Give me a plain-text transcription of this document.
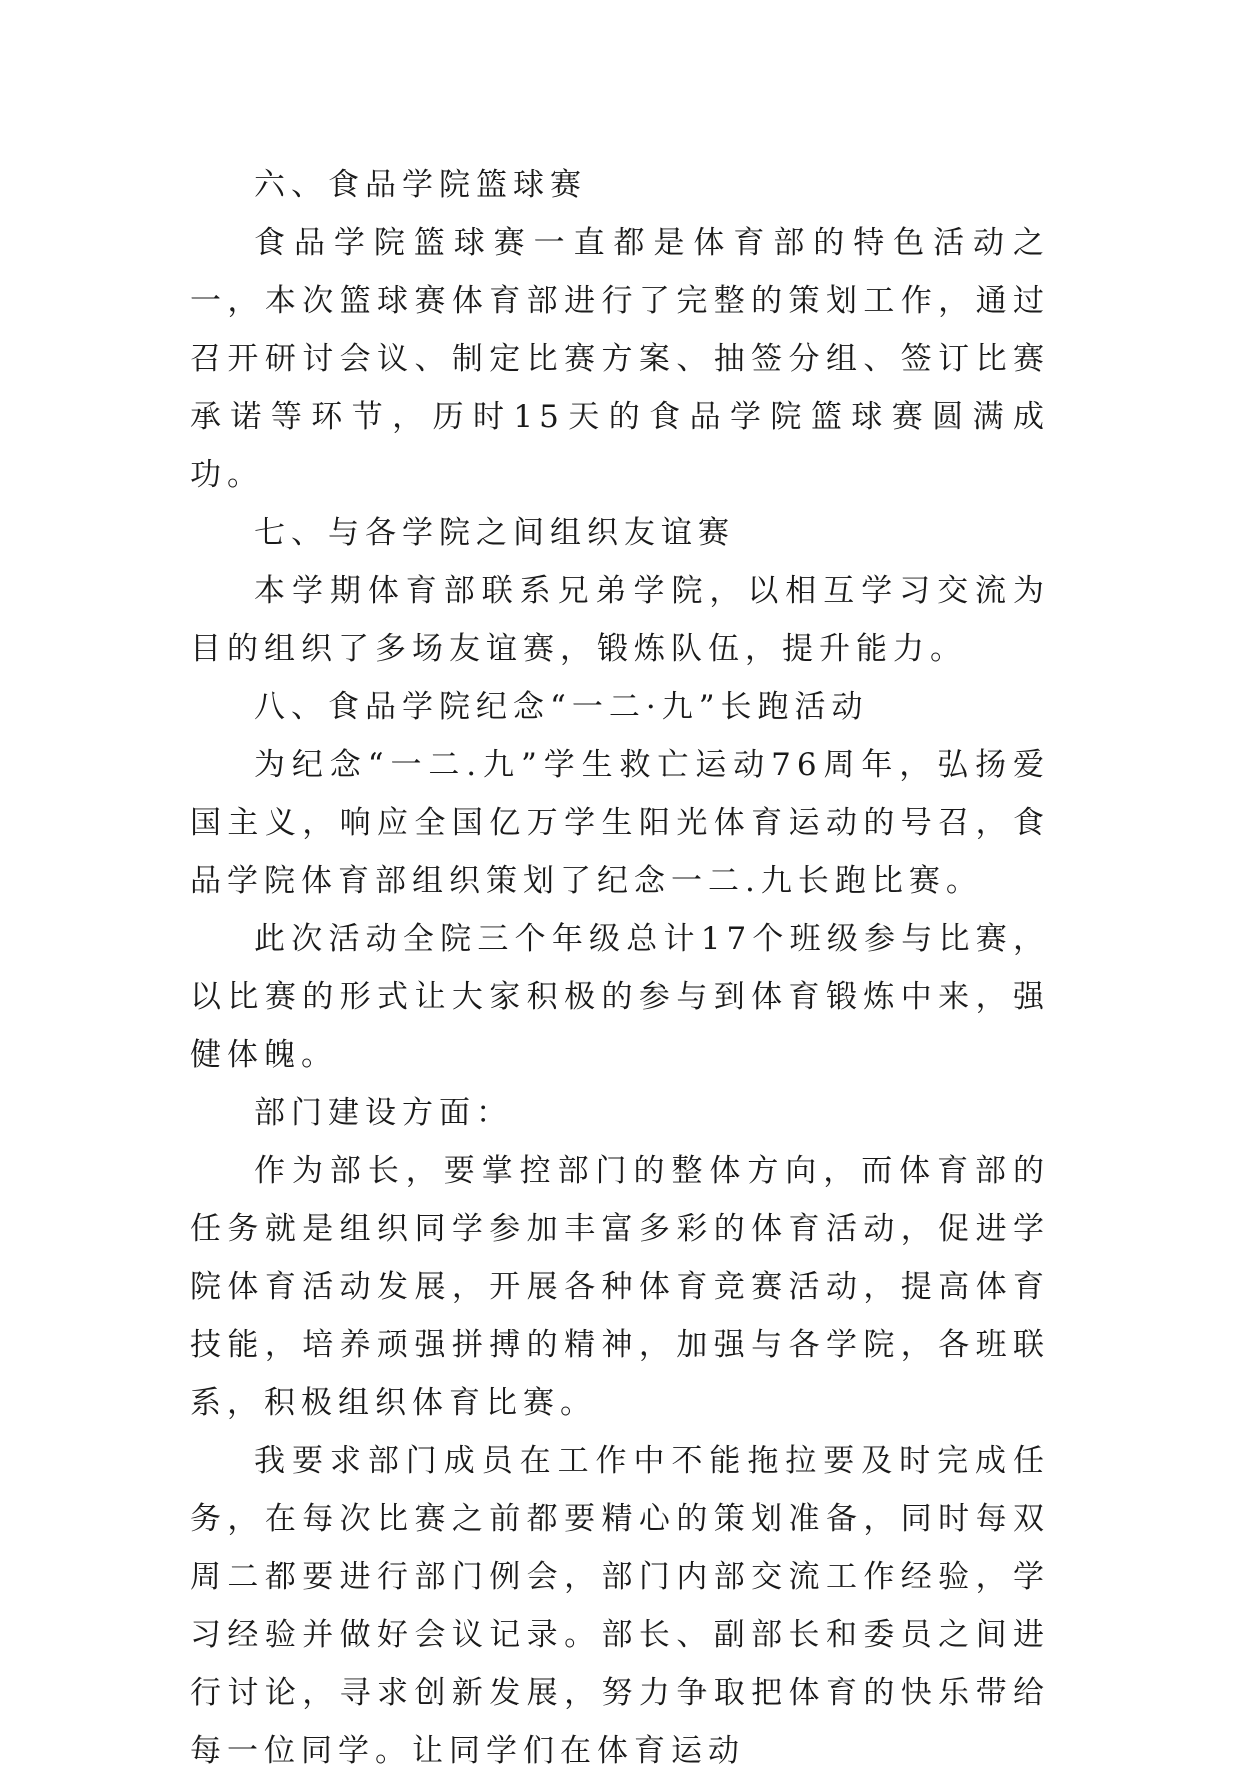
六、食品学院篮球赛

食品学院篮球赛一直都是体育部的特色活动之一，本次篮球赛体育部进行了完整的策划工作，通过召开研讨会议、制定比赛方案、抽签分组、签订比赛承诺等环节，历时15天的食品学院篮球赛圆满成功。

七、与各学院之间组织友谊赛

本学期体育部联系兄弟学院，以相互学习交流为目的组织了多场友谊赛，锻炼队伍，提升能力。

八、食品学院纪念“一二·九”长跑活动

为纪念“一二.九”学生救亡运动76周年，弘扬爱国主义，响应全国亿万学生阳光体育运动的号召，食品学院体育部组织策划了纪念一二.九长跑比赛。

此次活动全院三个年级总计17个班级参与比赛， 以比赛的形式让大家积极的参与到体育锻炼中来，强健体魄。

部门建设方面：

作为部长，要掌控部门的整体方向，而体育部的任务就是组织同学参加丰富多彩的体育活动，促进学院体育活动发展，开展各种体育竞赛活动，提高体育技能，培养顽强拼搏的精神，加强与各学院，各班联系，积极组织体育比赛。

我要求部门成员在工作中不能拖拉要及时完成任务，在每次比赛之前都要精心的策划准备，同时每双周二都要进行部门例会，部门内部交流工作经验，学习经验并做好会议记录。部长、副部长和委员之间进行讨论，寻求创新发展，努力争取把体育的快乐带给每一位同学。让同学们在体育运动
